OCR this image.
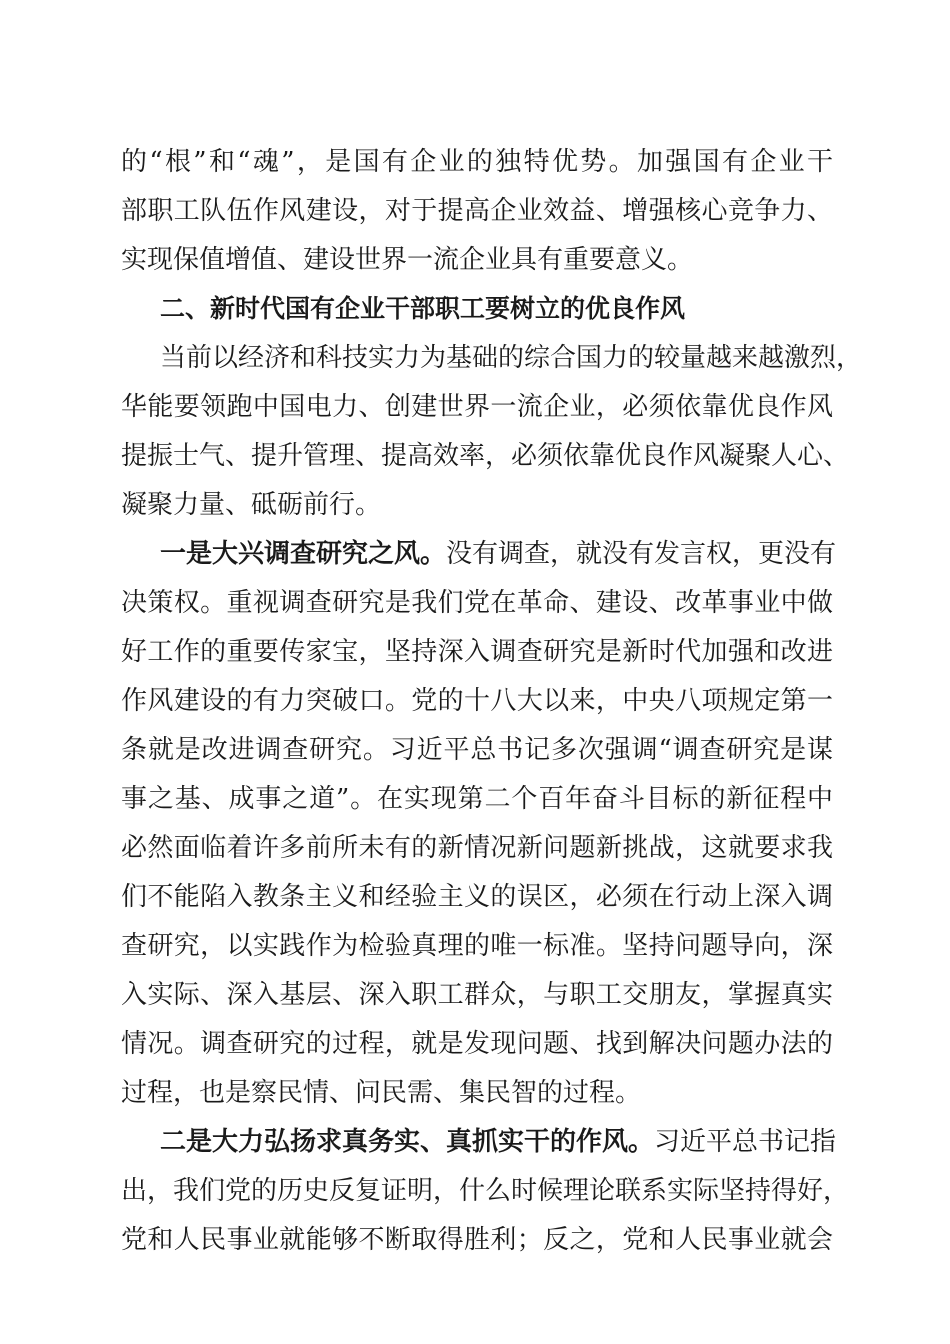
的“根”和“魂”，是国有企业的独特优势。加强国有企业干
部职工队伍作风建设，对于提高企业效益、增强核心竞争力、
实现保值增值、建设世界一流企业具有重要意义。
二、新时代国有企业干部职工要树立的优良作风
当前以经济和科技实力为基础的综合国力的较量越来越激烈，
华能要领跑中国电力、创建世界一流企业，必须依靠优良作风
提振士气、提升管理、提高效率，必须依靠优良作风凝聚人心、
凝聚力量、砥砺前行。
一是大兴调查研究之风。没有调查，就没有发言权，更没有
决策权。重视调查研究是我们党在革命、建设、改革事业中做
好工作的重要传家宝，坚持深入调查研究是新时代加强和改进
作风建设的有力突破口。党的十八大以来，中央八项规定第一
条就是改进调查研究。习近平总书记多次强调“调查研究是谋
事之基、成事之道”。在实现第二个百年奋斗目标的新征程中
必然面临着许多前所未有的新情况新问题新挑战，这就要求我
们不能陷入教条主义和经验主义的误区，必须在行动上深入调
查研究，以实践作为检验真理的唯一标准。坚持问题导向，深
入实际、深入基层、深入职工群众，与职工交朋友，掌握真实
情况。调查研究的过程，就是发现问题、找到解决问题办法的
过程，也是察民情、问民需、集民智的过程。
二是大力弘扬求真务实、真抓实干的作风。习近平总书记指
出，我们党的历史反复证明，什么时候理论联系实际坚持得好，
党和人民事业就能够不断取得胜利；反之，党和人民事业就会
